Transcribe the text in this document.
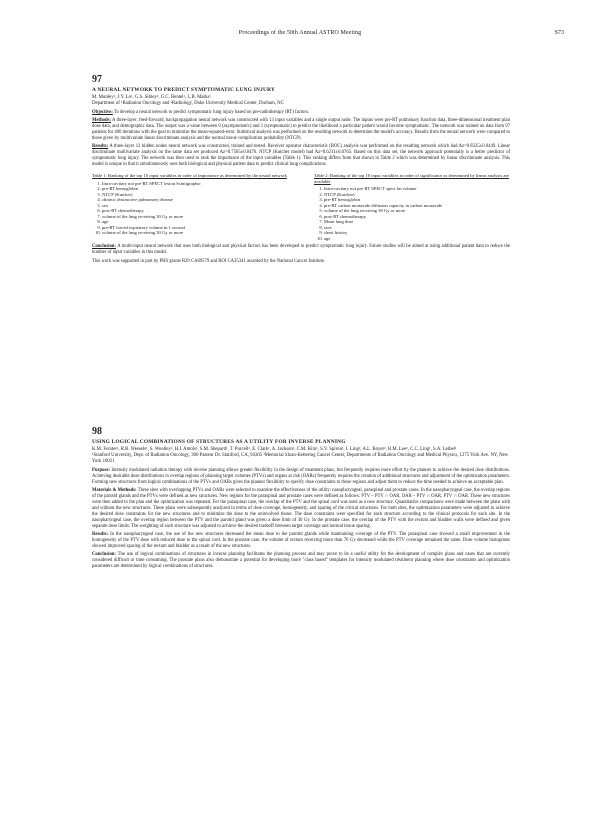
Proceedings of the 50th Annual ASTRO Meeting	S73

97

A NEURAL NETWORK TO PREDICT SYMPTOMATIC LUNG INJURY

M. Munley¹, J.Y. Lo¹, G.S. Sibley², G.C. Bentel¹, L.B. Marks¹

Department of ¹Radiation Oncology and ²Radiology, Duke University Medical Center, Durham, NC

Objective: To develop a neural network to predict symptomatic lung injury based on pre-radiotherapy (RT) factors.

Methods: A three-layer, feed-forward, backpropagation neural network was constructed with 13 input variables and a single output node. The inputs were pre-RT pulmonary function data, three-dimensional treatment plan dose data, and demographic data. The output was a value between 0 (asymptomatic) and 1 (symptomatic) to predict the likelihood a particular patient would become symptomatic. The network was trained on data from 97 patients for 400 iterations with the goal to minimize the mean-squared-error. Statistical analysis was performed on the resulting network to determine the model's accuracy. Results from the neural network were compared to those given by multivariate linear discriminate analysis and the normal tissue complication probability (NTCP).

Results: A three-layer 12 hidden nodes neural network was constructed, trained and tested. Receiver operator characteristic (ROC) analysis was performed on the resulting network which had Az=0.8325±0.0449. Linear discriminate multivariate analysis on the same data set produced Az=0.7565±0.0476. NTCP (Kutcher model) had Az=0.6211±0.0763. Based on this data set, the network approach potentially is a better predictor of symptomatic lung injury. The network was then used to rank the importance of the input variables (Table 1). This ranking differs from that shown in Table 2 which was determined by linear discriminate analysis. This model is unique in that it simultaneously uses both biological and physical patient data to predict clinical lung complications.

Table 1: Ranking of the top 10 input variables in order of importance as determined by the neural network

1. Intra-cavitary not pre-RT SPECT lesion Scintigraphic
2. pre-RT hemoglobin
3. NTCP (Kutcher)
4. chronic obstructive pulmonary disease
5. sex
6. post-RT chemotherapy
7. volume of the lung receiving 30 Gy or more
8. age
9. pre-RT forced expiratory volume in 1 second
10. volume of the lung receiving 50 Gy or more

Table 2: Ranking of the top 10 input variables in order of significance as determined by linear analysis are available

1. Intra-cavitary not pre-RT SPECT spect lin volume
2. NTCP (Kutcher)
3. pre-RT hemoglobin
4. pre-RT carbon monoxide diffusion capacity in carbon monoxide
5. volume of the lung receiving 30 Gy or more
6. post-RT chemotherapy
7. Mean lung dose
8. race
9. chest history
10. age

Conclusion: A multi-input neural network that uses both biological and physical factors has been developed to predict symptomatic lung injury. Future studies will be aimed at using additional patient data to reduce the number of input variables in this model.

This work was supported in part by PHS grants R29 CA69579 and ROI CA35341 awarded by the National Cancer Institute.

98

USING LOGICAL COMBINATIONS OF STRUCTURES AS A UTILITY FOR INVERSE PLANNING

K.M. Forster¹, R.R. Wessels¹, S. Woolley¹, H.I. Amols¹, S.M. Shepard¹, T. Purcell¹, E. Clark¹, A. Jackson¹, C.M. Kim¹, S.V. Spirou¹, I. Ling², A.L. Boyer², R.M. Lee², C.C. Ling¹, S.A. Leibel¹

¹Stanford University, Dept. of Radiation Oncology, 300 Pasteur Dr. Stanford, CA, 94305 ²Memorial Sloan-Kettering Cancer Center, Departments of Radiation Oncology and Medical Physics, 1275 York Ave. NY, New York 10021

Purpose: Intensity modulated radiation therapy with inverse planning allows greater flexibility in the design of treatment plans, but frequently requires more effort by the planner to achieve the desired dose distributions. Achieving desirable dose distributions in overlap regions of planning target volumes (PTVs) and organs at risk (OARs) frequently requires the creation of additional structures and adjustment of the optimization parameters. Forming new structures from logical combinations of the PTVs and OARs gives the planner flexibility to specify dose constraints to those regions and adjust them to reduce the time needed to achieve an acceptable plan.

Materials & Methods: Three sites with overlapping PTVs and OARs were selected to examine the effectiveness of the utility: nasopharyngeal, paraspinal and prostate cases. In the nasopharyngeal case, the overlap regions of the parotid glands and the PTVs were defined as new structures. New regions for the paraspinal and prostate cases were defined as follows: PTV – PTV ∩ OAR, OAR – PTV ∩ OAR, PTV ∩ OAR. These new structures were then added to the plan and the optimization was repeated. For the paraspinal case, the overlap of the PTV and the spinal cord was used as a new structure. Quantitative comparisons were made between the plans with and without the new structures. These plans were subsequently analyzed in terms of dose coverage, homogeneity, and sparing of the critical structures. For both sites, the optimization parameters were adjusted to achieve the desired dose constraints for the new structures and to minimize the dose to the uninvolved tissue. The dose constraints were specified for each structure according to the clinical protocols for each site. In the nasopharyngeal case, the overlap region between the PTV and the parotid gland was given a dose limit of 30 Gy. In the prostate case, the overlap of the PTV with the rectum and bladder walls were defined and given separate dose limits. The weighting of each structure was adjusted to achieve the desired tradeoff between target coverage and normal tissue sparing.

Results: In the nasopharyngeal case, the use of the new structures decreased the mean dose to the parotid glands while maintaining coverage of the PTV. The paraspinal case showed a small improvement in the homogeneity of the PTV dose with reduced dose to the spinal cord. In the prostate case, the volume of rectum receiving more than 70 Gy decreased while the PTV coverage remained the same. Dose volume histograms showed improved sparing of the rectum and bladder as a result of the new structures.

Conclusion: The use of logical combinations of structures in inverse planning facilitates the planning process and may prove to be a useful utility for the development of complex plans and cases that are currently considered difficult or time consuming. The prostate plans also demonstrate a potential for developing more "class based" templates for intensity modulated treatment planning where dose constraints and optimization parameters are determined by logical combinations of structures.
